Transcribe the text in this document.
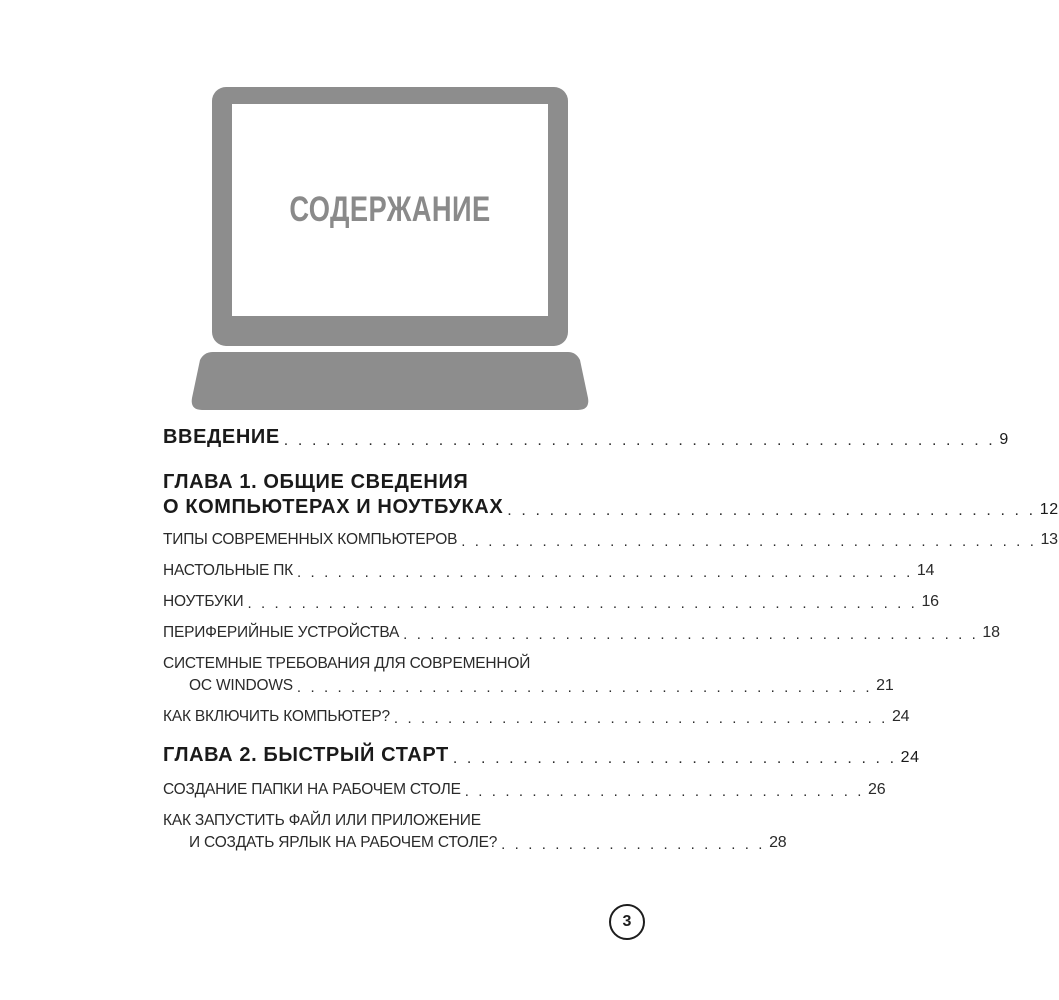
СОДЕРЖАНИЕ
ВВЕДЕНИЕ . . . . . . . . . . . . . . . . . . . . . . . . . . . . . . . . . . . . . . . . . . . . . . . . . . . 9
ГЛАВА 1. ОБЩИЕ СВЕДЕНИЯ
О КОМПЬЮТЕРАХ И НОУТБУКАХ . . . . . . . . . . . . . . . . . . . . . . . . . . . . . . . . . . . . . . 12
ТИПЫ СОВРЕМЕННЫХ КОМПЬЮТЕРОВ . . . . . . . . . . . . . . . . . . . . . . . . . . . . . . . . . . . . . . . . . . . 13
НАСТОЛЬНЫЕ ПК . . . . . . . . . . . . . . . . . . . . . . . . . . . . . . . . . . . . . . . . . . . . . . 14
НОУТБУКИ . . . . . . . . . . . . . . . . . . . . . . . . . . . . . . . . . . . . . . . . . . . . . . . . . . 16
ПЕРИФЕРИЙНЫЕ УСТРОЙСТВА . . . . . . . . . . . . . . . . . . . . . . . . . . . . . . . . . . . . . . . . . . . 18
СИСТЕМНЫЕ ТРЕБОВАНИЯ ДЛЯ СОВРЕМЕННОЙ
ОС WINDOWS . . . . . . . . . . . . . . . . . . . . . . . . . . . . . . . . . . . . . . . . . . . 21
КАК ВКЛЮЧИТЬ КОМПЬЮТЕР? . . . . . . . . . . . . . . . . . . . . . . . . . . . . . . . . . . . . . 24
ГЛАВА 2. БЫСТРЫЙ СТАРТ . . . . . . . . . . . . . . . . . . . . . . . . . . . . . . . . 24
СОЗДАНИЕ ПАПКИ НА РАБОЧЕМ СТОЛЕ . . . . . . . . . . . . . . . . . . . . . . . . . . . . . . 26
КАК ЗАПУСТИТЬ ФАЙЛ ИЛИ ПРИЛОЖЕНИЕ
И СОЗДАТЬ ЯРЛЫК НА РАБОЧЕМ СТОЛЕ? . . . . . . . . . . . . . . . . . . . . 28
3
